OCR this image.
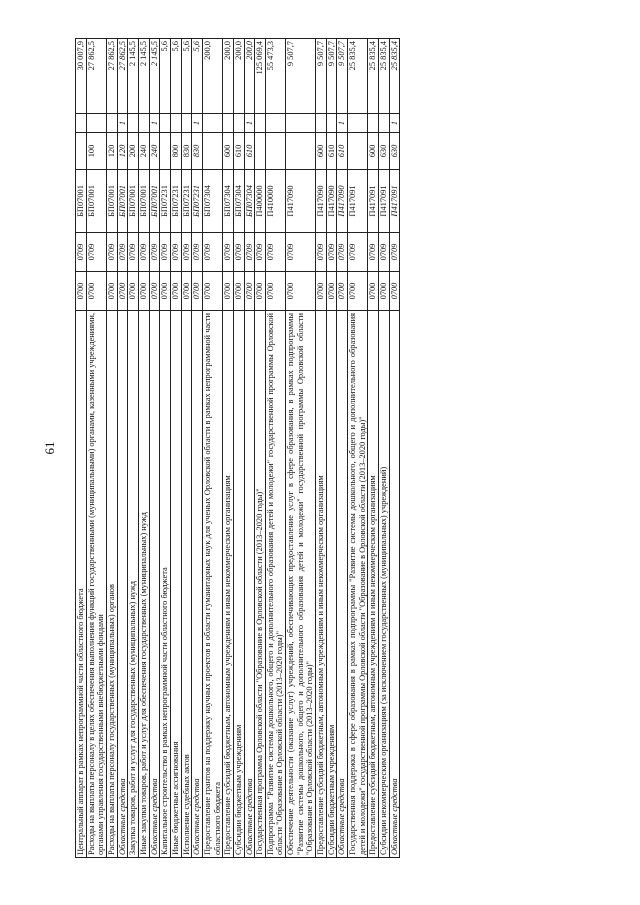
61
Центральный аппарат в рамках непрограммной части областного бюджета	0700	0709	БП07001			30 007,9
Расходы на выплаты персоналу в целях обеспечения выполнения функций государственными (муниципальными) органами, казенными учреждениями, органами управления государственными внебюджетными фондами	0700	0709	БП07001	100		27 862,5
Расходы на выплаты персоналу государственных (муниципальных) органов	0700	0709	БП07001	120		27 862,5
Областные средства	0700	0709	БП07001	120	1	27 862,5
Закупка товаров, работ и услуг для государственных (муниципальных) нужд	0700	0709	БП07001	200		2 145,5
Иные закупки товаров, работ и услуг для обеспечения государственных (муниципальных) нужд	0700	0709	БП07001	240		2 145,5
Областные средства	0700	0709	БП07001	240	1	2 145,5
Капитальное строительство в рамках непрограммной части областного бюджета	0700	0709	БП07231			5,6
Иные бюджетные ассигнования	0700	0709	БП07231	800		5,6
Исполнение судебных актов	0700	0709	БП07231	830		5,6
Областные средства	0700	0709	БП07231	830	1	5,6
Предоставление грантов на поддержку научных проектов в области гуманитарных наук для ученых Орловской области в рамках непрограммной части областного бюджета	0700	0709	БП07304			200,0
Предоставление субсидий бюджетным, автономным учреждениям и иным некоммерческим организациям	0700	0709	БП07304	600		200,0
Субсидии бюджетным учреждениям	0700	0709	БП07304	610		200,0
Областные средства	0700	0709	БП07304	610	1	200,0
Государственная программа Орловской области "Образование в Орловской области (2013–2020 годы)"	0700	0709	П400000			125 069,4
Подпрограмма "Развитие системы дошкольного, общего и дополнительного образования детей и молодежи" государственной программы Орловской области "Образование в Орловской области (2013–2020 годы)"	0700	0709	П410000			55 473,3
Обеспечение деятельности (оказание услуг) учреждений, обеспечивающих предоставление услуг в сфере образования, в рамках подпрограммы "Развитие системы дошкольного, общего и дополнительного образования детей и молодежи" государственной программы Орловской области "Образование в Орловской области (2013–2020 годы)"	0700	0709	П417090			9 507,7
Предоставление субсидий бюджетным, автономным учреждениям и иным некоммерческим организациям	0700	0709	П417090	600		9 507,7
Субсидии бюджетным учреждениям	0700	0709	П417090	610		9 507,7
Областные средства	0700	0709	П417090	610	1	9 507,7
Государственная поддержка в сфере образования в рамках подпрограммы "Развитие системы дошкольного, общего и дополнительного образования детей и молодежи" государственной программы Орловской области "Образование в Орловской области (2013–2020 годы)"	0700	0709	П417091			25 835,4
Предоставление субсидий бюджетным, автономным учреждениям и иным некоммерческим организациям	0700	0709	П417091	600		25 835,4
Субсидии некоммерческим организациям (за исключением государственных (муниципальных) учреждений)	0700	0709	П417091	630		25 835,4
Областные средства	0700	0709	П417091	630	1	25 835,4
